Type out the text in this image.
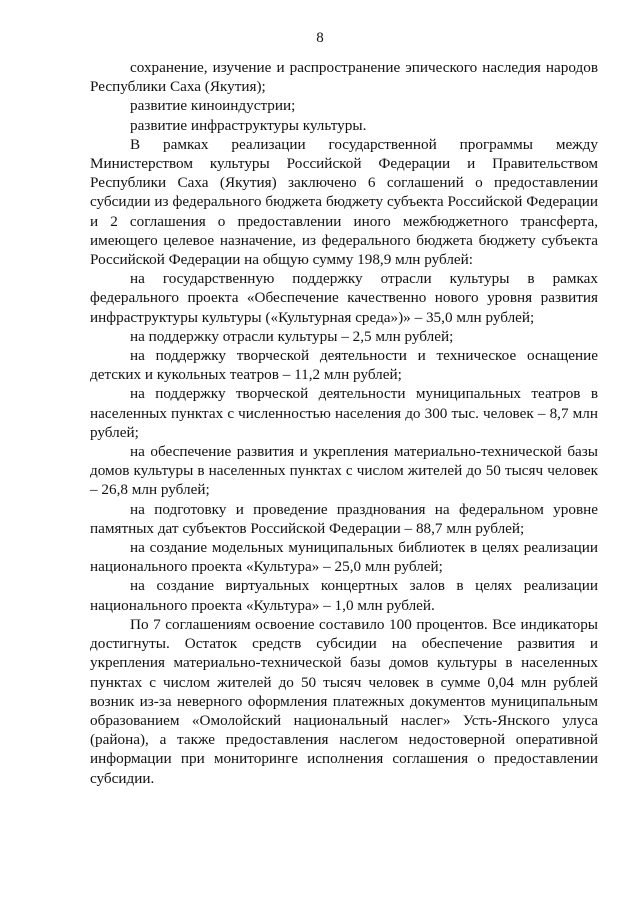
8

сохранение, изучение и распространение эпического наследия народов Республики Саха (Якутия);

развитие киноиндустрии;

развитие инфраструктуры культуры.

В рамках реализации государственной программы между Министерством культуры Российской Федерации и Правительством Республики Саха (Якутия) заключено 6 соглашений о предоставлении субсидии из федерального бюджета бюджету субъекта Российской Федерации и 2 соглашения о предоставлении иного межбюджетного трансферта, имеющего целевое назначение, из федерального бюджета бюджету субъекта Российской Федерации на общую сумму 198,9 млн рублей:

на государственную поддержку отрасли культуры в рамках федерального проекта «Обеспечение качественно нового уровня развития инфраструктуры культуры («Культурная среда»)» – 35,0 млн рублей;

на поддержку отрасли культуры – 2,5 млн рублей;

на поддержку творческой деятельности и техническое оснащение детских и кукольных театров – 11,2 млн рублей;

на поддержку творческой деятельности муниципальных театров в населенных пунктах с численностью населения до 300 тыс. человек – 8,7 млн рублей;

на обеспечение развития и укрепления материально-технической базы домов культуры в населенных пунктах с числом жителей до 50 тысяч человек – 26,8 млн рублей;

на подготовку и проведение празднования на федеральном уровне памятных дат субъектов Российской Федерации – 88,7 млн рублей;

на создание модельных муниципальных библиотек в целях реализации национального проекта «Культура» – 25,0 млн рублей;

на создание виртуальных концертных залов в целях реализации национального проекта «Культура» – 1,0 млн рублей.

По 7 соглашениям освоение составило 100 процентов. Все индикаторы достигнуты. Остаток средств субсидии на обеспечение развития и укрепления материально-технической базы домов культуры в населенных пунктах с числом жителей до 50 тысяч человек в сумме 0,04 млн рублей возник из-за неверного оформления платежных документов муниципальным образованием «Омолойский национальный наслег» Усть-Янского улуса (района), а также предоставления наслегом недостоверной оперативной информации при мониторинге исполнения соглашения о предоставлении субсидии.
